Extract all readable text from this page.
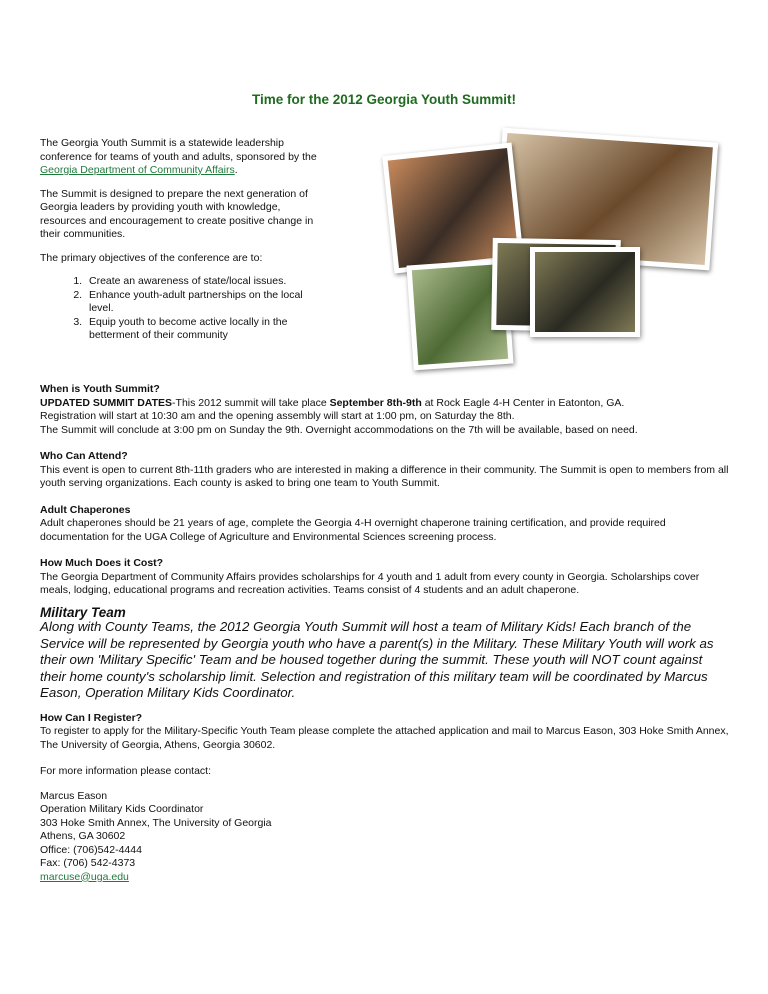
Time for the 2012 Georgia Youth Summit!

The Georgia Youth Summit is a statewide leadership conference for teams of youth and adults, sponsored by the Georgia Department of Community Affairs.

The Summit is designed to prepare the next generation of Georgia leaders by providing youth with knowledge, resources and encouragement to create positive change in their communities.

The primary objectives of the conference are to:

1. Create an awareness of state/local issues.
2. Enhance youth-adult partnerships on the local level.
3. Equip youth to become active locally in the betterment of their community
When is Youth Summit?

UPDATED SUMMIT DATES-This 2012 summit will take place September 8th-9th at Rock Eagle 4-H Center in Eatonton, GA.

Registration will start at 10:30 am and the opening assembly will start at 1:00 pm, on Saturday the 8th.

The Summit will conclude at 3:00 pm on Sunday the 9th. Overnight accommodations on the 7th will be available, based on need.

Who Can Attend?

This event is open to current 8th-11th graders who are interested in making a difference in their community. The Summit is open to members from all youth serving organizations. Each county is asked to bring one team to Youth Summit.

Adult Chaperones

Adult chaperones should be 21 years of age, complete the Georgia 4-H overnight chaperone training certification, and provide required documentation for the UGA College of Agriculture and Environmental Sciences screening process.

How Much Does it Cost?

The Georgia Department of Community Affairs provides scholarships for 4 youth and 1 adult from every county in Georgia. Scholarships cover meals, lodging, educational programs and recreation activities. Teams consist of 4 students and an adult chaperone.

Military Team

Along with County Teams, the 2012 Georgia Youth Summit will host a team of Military Kids! Each branch of the Service will be represented by Georgia youth who have a parent(s) in the Military. These Military Youth will work as their own 'Military Specific' Team and be housed together during the summit. These youth will NOT count against their home county's scholarship limit. Selection and registration of this military team will be coordinated by Marcus Eason, Operation Military Kids Coordinator.

How Can I Register?

To register to apply for the Military-Specific Youth Team please complete the attached application and mail to Marcus Eason, 303 Hoke Smith Annex, The University of Georgia, Athens, Georgia 30602.

For more information please contact:

Marcus Eason

Operation Military Kids Coordinator

303 Hoke Smith Annex, The University of Georgia

Athens, GA 30602

Office: (706)542-4444

Fax: (706) 542-4373

marcuse@uga.edu
